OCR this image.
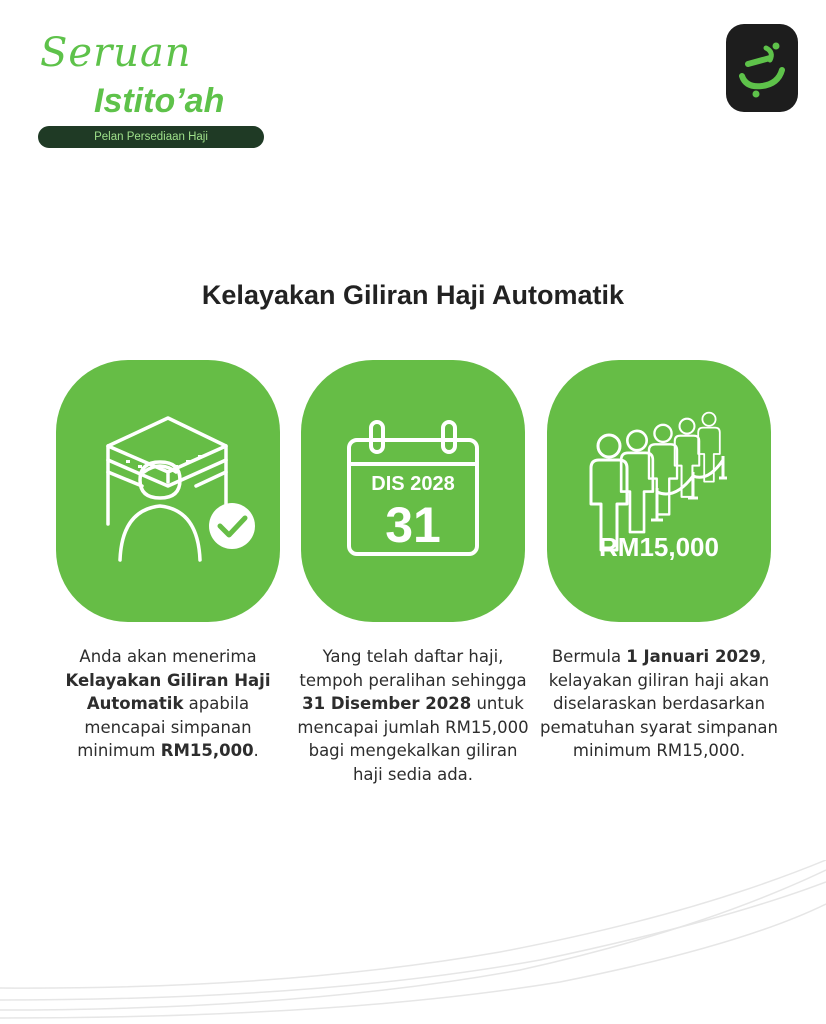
Seruan
Istito’ah
Pelan Persediaan Haji
Kelayakan Giliran Haji Automatik
DIS 2028
31	RM15,000
Anda akan menerima Kelayakan Giliran Haji Automatik apabila mencapai simpanan minimum RM15,000.
Yang telah daftar haji, tempoh peralihan sehingga 31 Disember 2028 untuk mencapai jumlah RM15,000 bagi mengekalkan giliran haji sedia ada.
Bermula 1 Januari 2029, kelayakan giliran haji akan diselaraskan berdasarkan pematuhan syarat simpanan minimum RM15,000.
